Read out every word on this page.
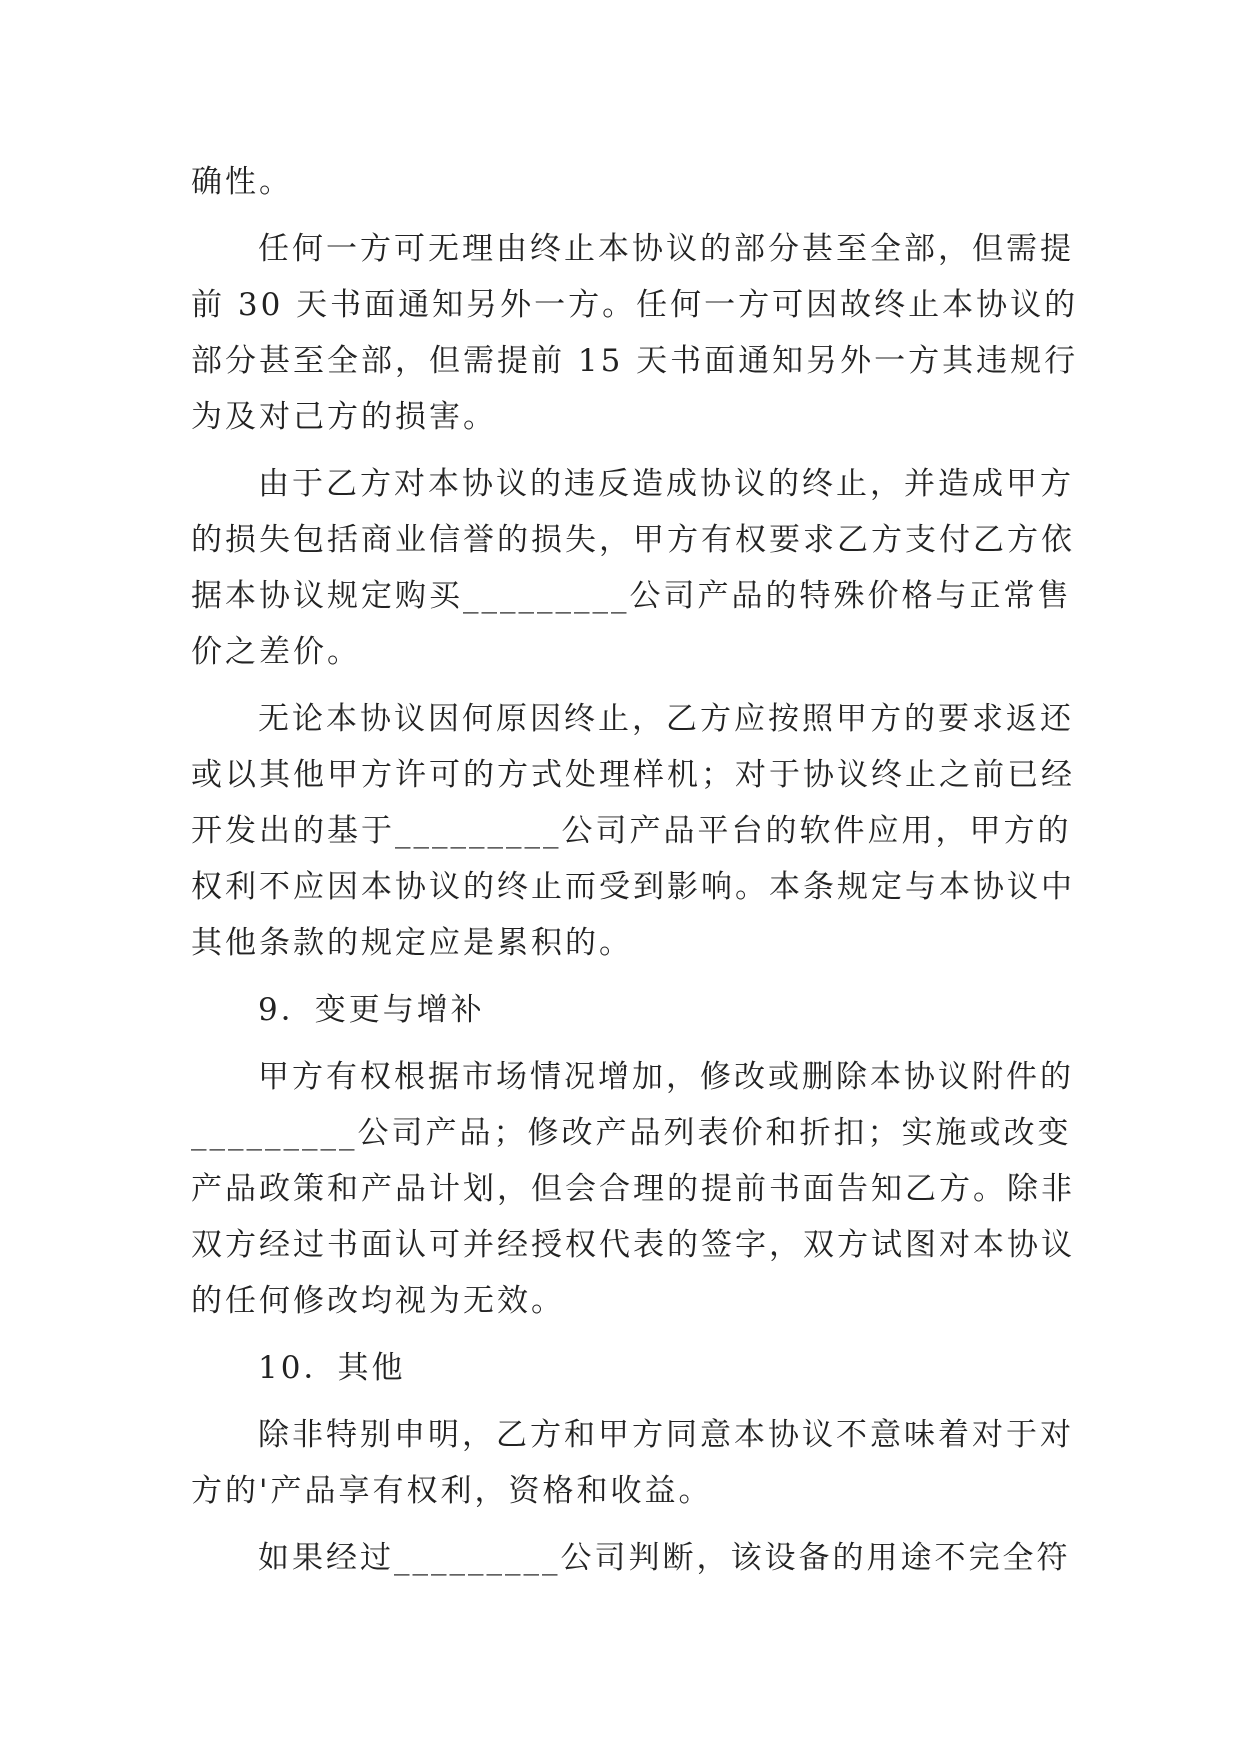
确性。
任何一方可无理由终止本协议的部分甚至全部，但需提
前 30 天书面通知另外一方。任何一方可因故终止本协议的
部分甚至全部，但需提前 15 天书面通知另外一方其违规行
为及对己方的损害。
由于乙方对本协议的违反造成协议的终止，并造成甲方
的损失包括商业信誉的损失，甲方有权要求乙方支付乙方依
据本协议规定购买_________公司产品的特殊价格与正常售
价之差价。
无论本协议因何原因终止，乙方应按照甲方的要求返还
或以其他甲方许可的方式处理样机；对于协议终止之前已经
开发出的基于_________公司产品平台的软件应用，甲方的
权利不应因本协议的终止而受到影响。本条规定与本协议中
其他条款的规定应是累积的。
9．变更与增补
甲方有权根据市场情况增加，修改或删除本协议附件的
_________公司产品；修改产品列表价和折扣；实施或改变
产品政策和产品计划，但会合理的提前书面告知乙方。除非
双方经过书面认可并经授权代表的签字，双方试图对本协议
的任何修改均视为无效。
10．其他
除非特别申明，乙方和甲方同意本协议不意味着对于对
方的'产品享有权利，资格和收益。
如果经过_________公司判断，该设备的用途不完全符
